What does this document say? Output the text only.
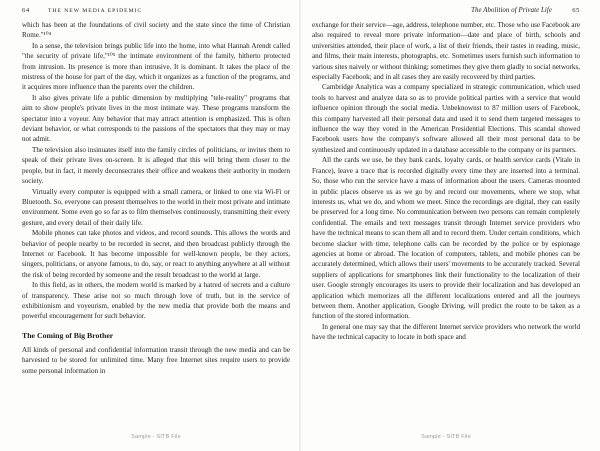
64	THE NEW MEDIA EPIDEMIC

which has been at the foundations of civil society and the state since the time of Christian Rome."¹⁰⁴

In a sense, the television brings public life into the home, into what Hannah Arendt called "the security of private life,"¹⁰⁵ the intimate environment of the family, hitherto protected from intrusion. Its presence is more than intrusive. It is dominant. It takes the place of the mistress of the house for part of the day, which it organizes as a function of the programs, and it acquires more influence than the parents over the children.

It also gives private life a public dimension by multiplying "tele-reality" programs that aim to show people's private lives in the most intimate way. These programs transform the spectator into a voyeur. Any behavior that may attract attention is emphasized. This is often deviant behavior, or what corresponds to the passions of the spectators that they may or may not admit.

The television also insinuates itself into the family circles of politicians, or invites them to speak of their private lives on-screen. It is alleged that this will bring them closer to the people, but in fact, it merely deconsecrates their office and weakens their authority in modern society.

Virtually every computer is equipped with a small camera, or linked to one via Wi-Fi or Bluetooth. So, everyone can present themselves to the world in their most private and intimate environment. Some even go so far as to film themselves continuously, transmitting their every gesture, and every detail of their daily life.

Mobile phones can take photos and videos, and record sounds. This allows the words and behavior of people nearby to be recorded in secret, and then broadcast publicly through the Internet or Facebook. It has become impossible for well-known people, be they actors, singers, politicians, or anyone famous, to do, say, or react to anything anywhere at all without the risk of being recorded by someone and the result broadcast to the world at large.

In this field, as in others, the modern world is marked by a hatred of secrets and a culture of transparency. These arise not so much through love of truth, but in the service of exhibitionism and voyeurism, enabled by the new media that provide both the means and powerful encouragement for such behavior.

The Coming of Big Brother

All kinds of personal and confidential information transit through the new media and can be harvested to be stored for unlimited time. Many free Internet sites require users to provide some personal information in

Sample - SITB File
The Abolition of Private Life	65

exchange for their service—age, address, telephone number, etc. Those who use Facebook are also required to reveal more private information—date and place of birth, schools and universities attended, their place of work, a list of their friends, their tastes in reading, music, and films, their main interests, photographs, etc. Sometimes users furnish such information to various sites naively or without thinking; sometimes they give them gladly to social networks, especially Facebook; and in all cases they are easily recovered by third parties.

Cambridge Analytica was a company specialized in strategic communication, which used tools to harvest and analyze data so as to provide political parties with a service that would influence opinion through the social media. Unbeknownst to 87 million users of Facebook, this company harvested all their personal data and used it to send them targeted messages to influence the way they voted in the American Presidential Elections. This scandal showed Facebook users how the company's software allowed all their most personal data to be synthesized and continuously updated in a database accessible to the company or its partners.

All the cards we use, be they bank cards, loyalty cards, or health service cards (Vitale in France), leave a trace that is recorded digitally every time they are inserted into a terminal. So, those who run the service have a mass of information about the users. Cameras mounted in public places observe us as we go by and record our movements, where we stop, what interests us, what we do, and whom we meet. Since the recordings are digital, they can easily be preserved for a long time. No communication between two persons can remain completely confidential. The emails and text messages transit through Internet service providers who have the technical means to scan them all and to record them. Under certain conditions, which become slacker with time, telephone calls can be recorded by the police or by espionage agencies at home or abroad. The location of computers, tablets, and mobile phones can be accurately determined, which allows their users' movements to be accurately tracked. Several suppliers of applications for smartphones link their functionality to the localization of their user. Google strongly encourages its users to provide their localization and has developed an application which memorizes all the different localizations entered and all the journeys between them. Another application, Google Driving, will predict the route to be taken as a function of the stored information.

In general one may say that the different Internet service providers who network the world have the technical capacity to locate in both space and

Sample - SITB File
